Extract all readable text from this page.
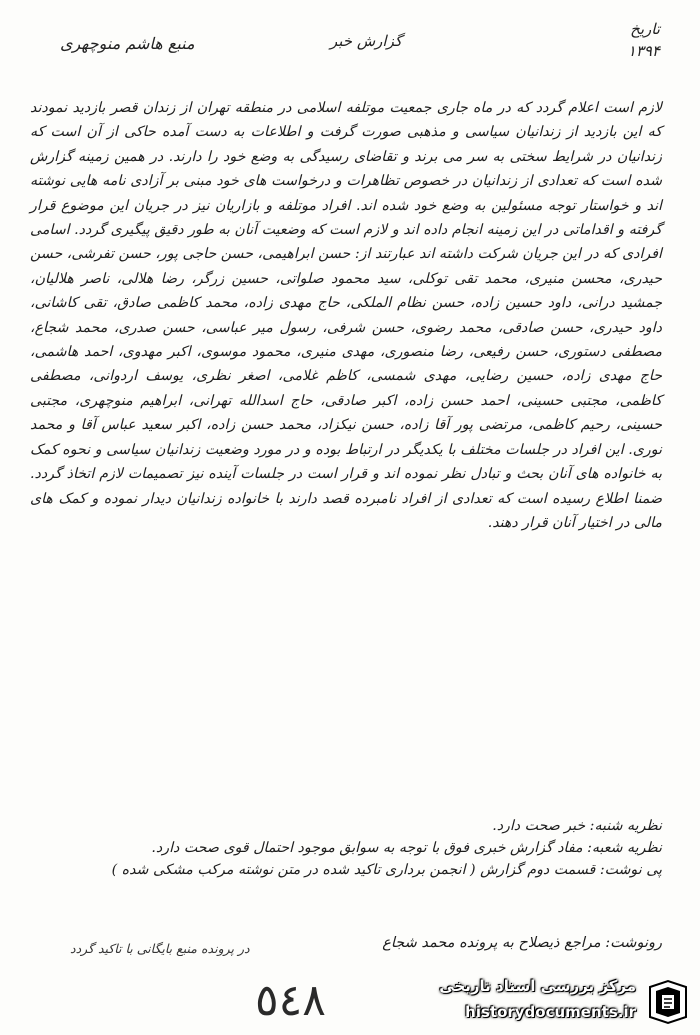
تاریخ
۱۳۹۴
گزارش خبر
منبع هاشم منوچهری
لازم است اعلام گردد که در ماه جاری جمعیت موتلفه اسلامی در منطقه تهران از زندان قصر بازدید نمودند که این بازدید از زندانیان سیاسی و مذهبی صورت گرفت و اطلاعات به دست آمده حاکی از آن است که زندانیان در شرایط سختی به سر می برند و تقاضای رسیدگی به وضع خود را دارند. در همین زمینه گزارش شده است که تعدادی از زندانیان در خصوص تظاهرات و درخواست های خود مبنی بر آزادی نامه هایی نوشته اند و خواستار توجه مسئولین به وضع خود شده اند. افراد موتلفه و بازاریان نیز در جریان این موضوع قرار گرفته و اقداماتی در این زمینه انجام داده اند و لازم است که وضعیت آنان به طور دقیق پیگیری گردد. اسامی افرادی که در این جریان شرکت داشته اند عبارتند از: حسن ابراهیمی، حسن حاجی پور، حسن تفرشی، حسن حیدری، محسن منیری، محمد تقی توکلی، سید محمود صلواتی، حسین زرگر، رضا هلالی، ناصر هلالیان، جمشید درانی، داود حسین زاده، حسن نظام الملکی، حاج مهدی زاده، محمد کاظمی صادق، تقی کاشانی، داود حیدری، حسن صادقی، محمد رضوی، حسن شرفی، رسول میر عباسی، حسن صدری، محمد شجاع، مصطفی دستوری، حسن رفیعی، رضا منصوری، مهدی منیری، محمود موسوی، اکبر مهدوی، احمد هاشمی، حاج مهدی زاده، حسین رضایی، مهدی شمسی، کاظم غلامی، اصغر نظری، یوسف اردوانی، مصطفی کاظمی، مجتبی حسینی، احمد حسن زاده، اکبر صادقی، حاج اسدالله تهرانی، ابراهیم منوچهری، مجتبی حسینی، رحیم کاظمی، مرتضی پور آقا زاده، حسن نیکزاد، محمد حسن زاده، اکبر سعید عباس آقا و محمد نوری. این افراد در جلسات مختلف با یکدیگر در ارتباط بوده و در مورد وضعیت زندانیان سیاسی و نحوه کمک به خانواده های آنان بحث و تبادل نظر نموده اند و قرار است در جلسات آینده نیز تصمیمات لازم اتخاذ گردد. ضمنا اطلاع رسیده است که تعدادی از افراد نامبرده قصد دارند با خانواده زندانیان دیدار نموده و کمک های مالی در اختیار آنان قرار دهند.
نظریه شنبه: خبر صحت دارد.
نظریه شعبه: مفاد گزارش خبری فوق با توجه به سوابق موجود احتمال قوی صحت دارد.
پی نوشت: قسمت دوم گزارش ( انجمن برداری تاکید شده در متن نوشته مرکب مشکی شده )
رونوشت: مراجع ذیصلاح به پرونده محمد شجاع
در پرونده منبع بایگانی با تاکید گردد
٥٤٨	مرکز بررسی اسناد تاریخی
historydocuments.ir
